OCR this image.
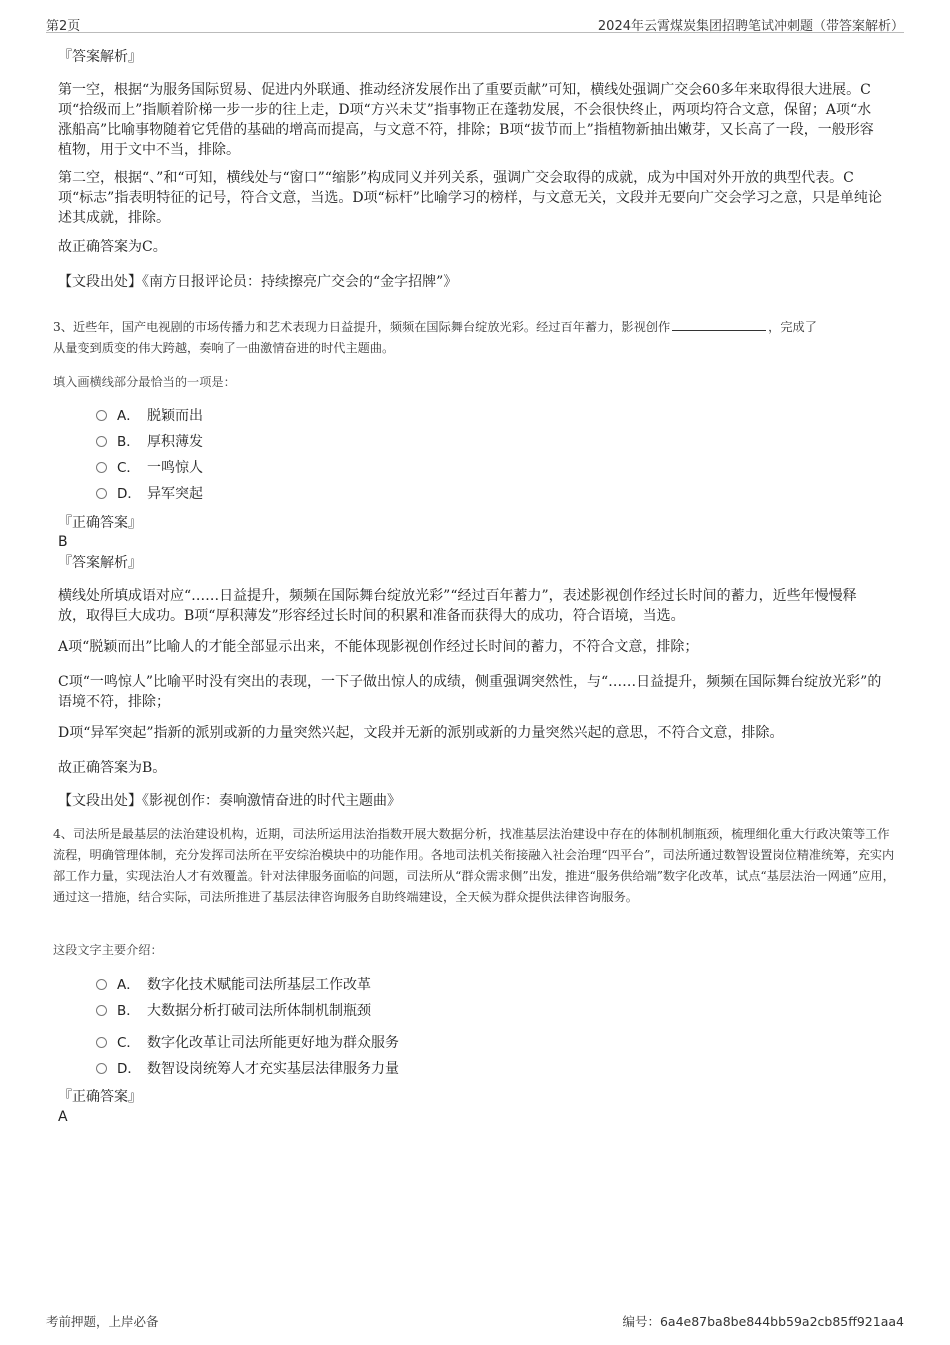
第2页	2024年云霄煤炭集团招聘笔试冲刺题（带答案解析）
『答案解析』

第一空，根据“为服务国际贸易、促进内外联通、推动经济发展作出了重要贡献”可知，横线处强调广交会60多年来取得很大进展。C项“拾级而上”指顺着阶梯一步一步的往上走，D项“方兴未艾”指事物正在蓬勃发展，不会很快终止，两项均符合文意，保留；A项“水涨船高”比喻事物随着它凭借的基础的增高而提高，与文意不符，排除；B项“拔节而上”指植物新抽出嫩芽，又长高了一段，一般形容植物，用于文中不当，排除。

第二空，根据“、”和“可知，横线处与“窗口”“缩影”构成同义并列关系，强调广交会取得的成就，成为中国对外开放的典型代表。C项“标志”指表明特征的记号，符合文意，当选。D项“标杆”比喻学习的榜样，与文意无关，文段并无要向广交会学习之意，只是单纯论述其成就，排除。

故正确答案为C。

【文段出处】《南方日报评论员：持续擦亮广交会的“金字招牌”》

3、近些年，国产电视剧的市场传播力和艺术表现力日益提升，频频在国际舞台绽放光彩。经过百年蓄力，影视创作	，完成了
从量变到质变的伟大跨越，奏响了一曲激情奋进的时代主题曲。
填入画横线部分最恰当的一项是：
A． 脱颖而出
B． 厚积薄发
C． 一鸣惊人
D． 异军突起
『正确答案』
B
『答案解析』

横线处所填成语对应“……日益提升，频频在国际舞台绽放光彩”“经过百年蓄力”，表述影视创作经过长时间的蓄力，近些年慢慢释放，取得巨大成功。B项“厚积薄发”形容经过长时间的积累和准备而获得大的成功，符合语境，当选。

A项“脱颖而出”比喻人的才能全部显示出来，不能体现影视创作经过长时间的蓄力，不符合文意，排除；

C项“一鸣惊人”比喻平时没有突出的表现，一下子做出惊人的成绩，侧重强调突然性，与“……日益提升，频频在国际舞台绽放光彩”的语境不符，排除；

D项“异军突起”指新的派别或新的力量突然兴起，文段并无新的派别或新的力量突然兴起的意思，不符合文意，排除。

故正确答案为B。

【文段出处】《影视创作：奏响激情奋进的时代主题曲》

4、司法所是最基层的法治建设机构，近期，司法所运用法治指数开展大数据分析，找准基层法治建设中存在的体制机制瓶颈，梳理细化重大行政决策等工作流程，明确管理体制，充分发挥司法所在平安综治模块中的功能作用。各地司法机关衔接融入社会治理“四平台”，司法所通过数智设置岗位精准统筹，充实内部工作力量，实现法治人才有效覆盖。针对法律服务面临的问题，司法所从“群众需求侧”出发，推进“服务供给端”数字化改革，试点“基层法治一网通”应用，通过这一措施，结合实际，司法所推进了基层法律咨询服务自助终端建设，全天候为群众提供法律咨询服务。
这段文字主要介绍：
A． 数字化技术赋能司法所基层工作改革
B． 大数据分析打破司法所体制机制瓶颈
C． 数字化改革让司法所能更好地为群众服务
D． 数智设岗统筹人才充实基层法律服务力量
『正确答案』
A
考前押题，上岸必备	编号：6a4e87ba8be844bb59a2cb85ff921aa4
